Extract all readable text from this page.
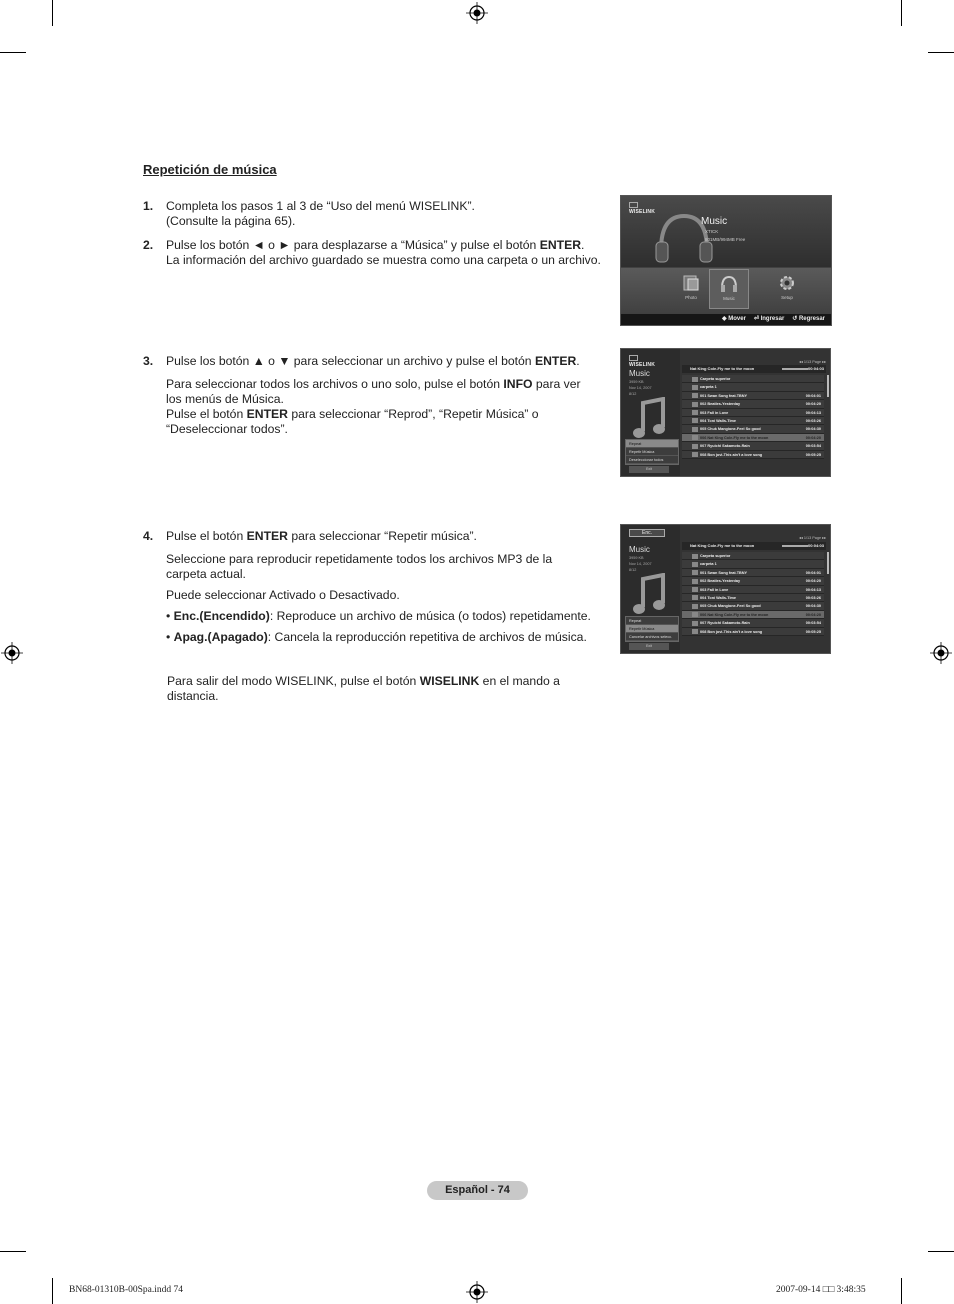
Repetición de música
1. Completa los pasos 1 al 3 de “Uso del menú WISELINK”.
(Consulte la página 65).
2. Pulse los botón ◄ o ► para desplazarse a “Música” y pulse el botón ENTER.
La información del archivo guardado se muestra como una carpeta o un archivo.
3. Pulse los botón ▲ o ▼ para seleccionar un archivo y pulse el botón ENTER.

Para seleccionar todos los archivos o uno solo, pulse el botón INFO para ver los menús de Música.
Pulse el botón ENTER para seleccionar “Reprod”, “Repetir Música” o “Deseleccionar todos”.
4. Pulse el botón ENTER para seleccionar “Repetir música”.

Seleccione para reproducir repetidamente todos los archivos MP3 de la carpeta actual.

Puede seleccionar Activado o Desactivado.

• Enc.(Encendido): Reproduce un archivo de música (o todos) repetidamente.

• Apag.(Apagado): Cancela la reproducción repetitiva de archivos de música.

Para salir del modo WISELINK, pulse el botón WISELINK en el mando a distancia.
WISELINK
Music
XTICK
801MB/994MB Free
Photo	Music	Setup
◆ Mover ⏎ Ingresar ↺ Regresar
WISELINK
Music
3959 KB
Nov 14, 2007
8/12
Repeat
Repetir Música
Deseleccionar todos
Exit
◂◂ 1/13 Page ▸▸
Nat King Cole-Fly me to the moon	00:04:03
Carpeta superior
carpeta 1
001 Swan Song feat.TBNY	00:04:01
002 Beatles-Yesterday	00:04:20
003 Fall in Love	00:04:13
004 Toni Walls-Time	00:03:26
005 Chuk Mangione-Feel So good	00:04:30
006 Nat King Cole-Fly me to the moon	00:04:20
007 Ryuichi Sakamoto-Rain	00:03:54
008 Bon jovi-This ain't a love song	00:05:25
Enc.
Music
3959 KB
Nov 14, 2007
8/12
Repeat
Repetir Música
Cancelar archivos selecc.
Exit
◂◂ 1/13 Page ▸▸
Nat King Cole-Fly me to the moon	00:04:03
Carpeta superior
carpeta 1
001 Swan Song feat.TBNY	00:04:01
002 Beatles-Yesterday	00:04:20
003 Fall in Love	00:04:13
004 Toni Walls-Time	00:03:26
005 Chuk Mangione-Feel So good	00:04:30
006 Nat King Cole-Fly me to the moon	00:04:20
007 Ryuichi Sakamoto-Rain	00:03:54
008 Bon jovi-This ain't a love song	00:05:25
Español - 74
BN68-01310B-00Spa.indd 74	2007-09-14 □□ 3:48:35
